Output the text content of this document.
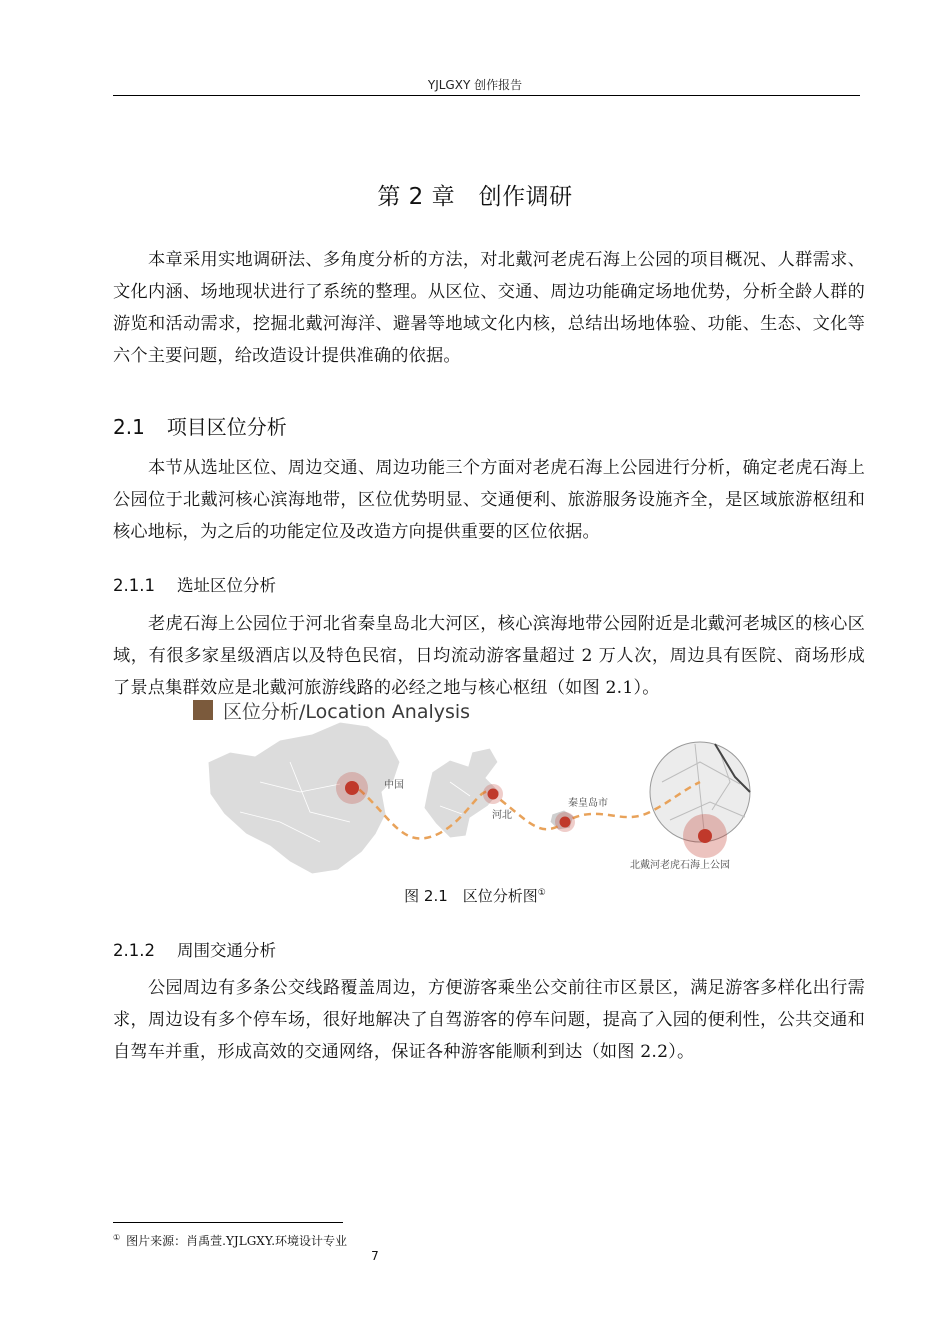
YJLGXY 创作报告
第 2 章　创作调研

本章采用实地调研法、多角度分析的方法，对北戴河老虎石海上公园的项目概况、人群需求、文化内涵、场地现状进行了系统的整理。从区位、交通、周边功能确定场地优势，分析全龄人群的游览和活动需求，挖掘北戴河海洋、避暑等地域文化内核，总结出场地体验、功能、生态、文化等六个主要问题，给改造设计提供准确的依据。

2.1 项目区位分析

本节从选址区位、周边交通、周边功能三个方面对老虎石海上公园进行分析，确定老虎石海上公园位于北戴河核心滨海地带，区位优势明显、交通便利、旅游服务设施齐全，是区域旅游枢纽和核心地标，为之后的功能定位及改造方向提供重要的区位依据。

2.1.1 选址区位分析

老虎石海上公园位于河北省秦皇岛北大河区，核心滨海地带公园附近是北戴河老城区的核心区域，有很多家星级酒店以及特色民宿，日均流动游客量超过 2 万人次，周边具有医院、商场形成了景点集群效应是北戴河旅游线路的必经之地与核心枢纽（如图 2.1）。

区位分析/Location Analysis
中国
河北
秦皇岛市
北戴河老虎石海上公园
图 2.1　区位分析图①
2.1.2 周围交通分析

公园周边有多条公交线路覆盖周边，方便游客乘坐公交前往市区景区，满足游客多样化出行需求，周边设有多个停车场，很好地解决了自驾游客的停车问题，提高了入园的便利性，公共交通和自驾车并重，形成高效的交通网络，保证各种游客能顺利到达（如图 2.2）。

① 图片来源：肖禹萱.YJLGXY.环境设计专业
7
